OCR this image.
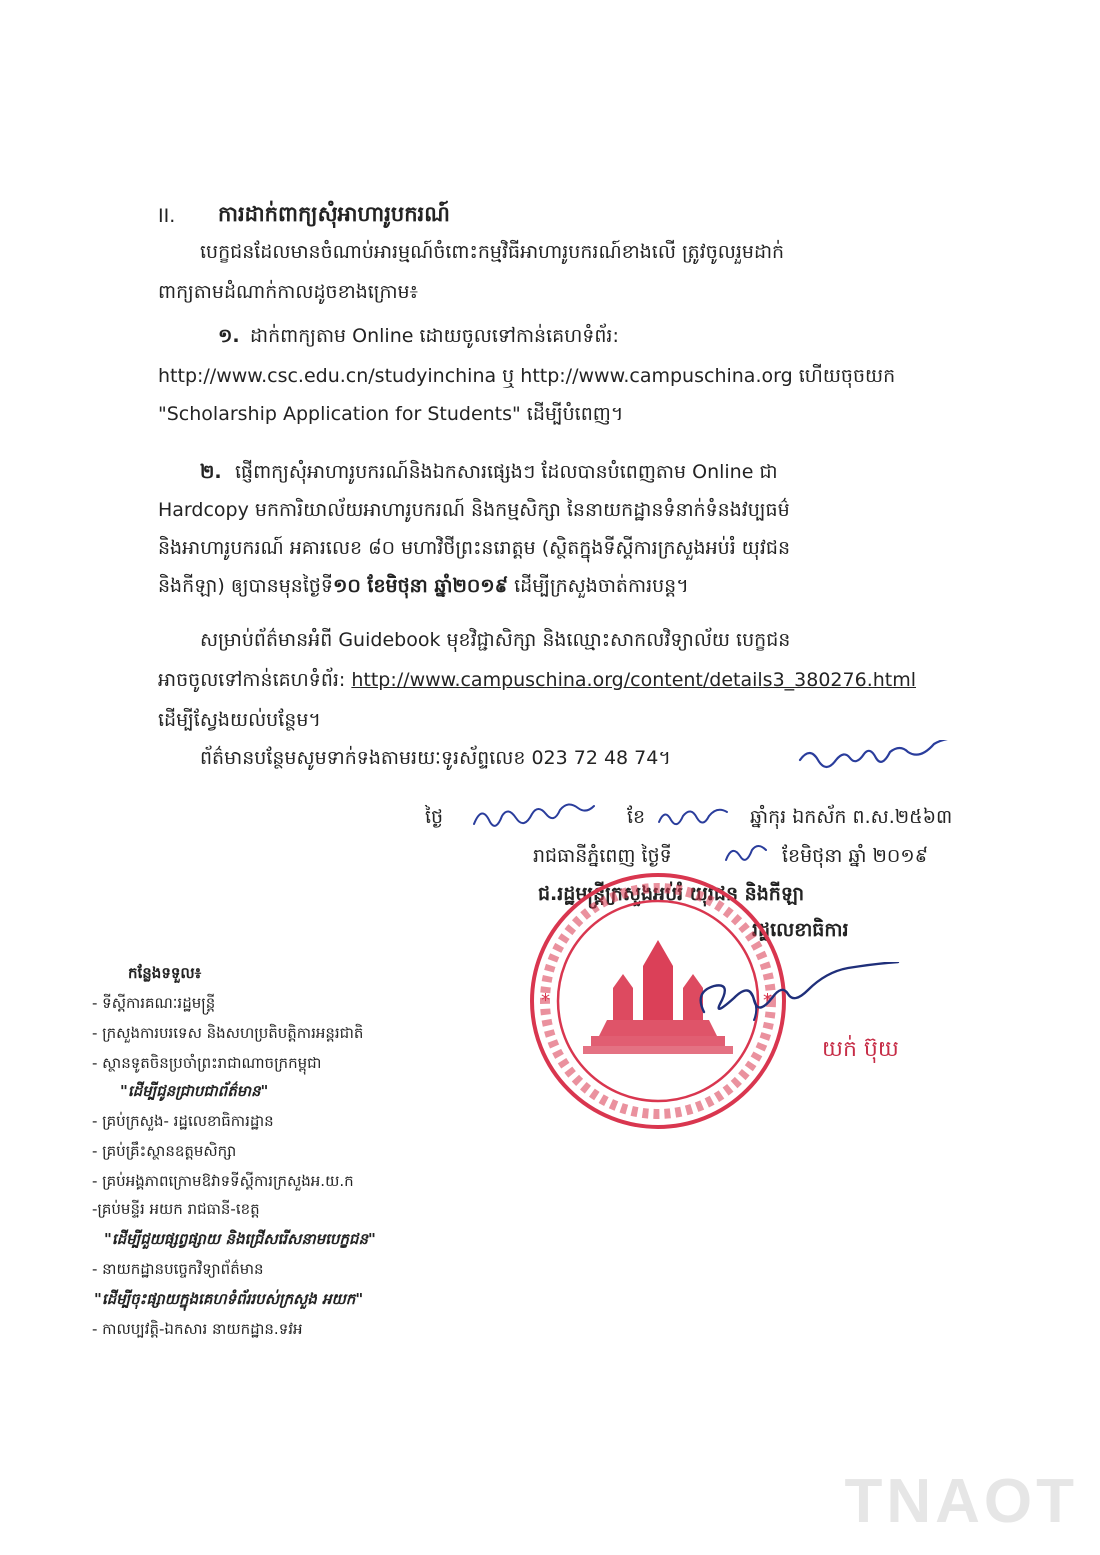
II. ការដាក់ពាក្យសុំអាហារូបករណ៍
បេក្ខជនដែលមានចំណាប់អារម្មណ៍ចំពោះកម្មវិធីអាហារូបករណ៍ខាងលើ ត្រូវចូលរួមដាក់
ពាក្យតាមដំណាក់កាលដូចខាងក្រោម៖
១. ដាក់ពាក្យតាម Online ដោយចូលទៅកាន់គេហទំព័រ:
http://www.csc.edu.cn/studyinchina ឬ http://www.campuschina.org ហើយចុចយក
"Scholarship Application for Students" ដើម្បីបំពេញ។
២. ផ្ញើពាក្យសុំអាហារូបករណ៍និងឯកសារផ្សេងៗ ដែលបានបំពេញតាម Online ជា
Hardcopy មកការិយាល័យអាហារូបករណ៍ និងកម្មសិក្សា នៃនាយកដ្ឋានទំនាក់ទំនងវប្បធម៌
និងអាហារូបករណ៍ អគារលេខ ៨០ មហាវិថីព្រះនរោត្តម (ស្ថិតក្នុងទីស្តីការក្រសួងអប់រំ យុវជន
និងកីឡា) ឲ្យបានមុនថ្ងៃទី១០ ខែមិថុនា ឆ្នាំ២០១៩ ដើម្បីក្រសួងចាត់ការបន្ត។
សម្រាប់ព័ត៌មានអំពី Guidebook មុខវិជ្ជាសិក្សា និងឈ្មោះសាកលវិទ្យាល័យ បេក្ខជន
អាចចូលទៅកាន់គេហទំព័រ: http://www.campuschina.org/content/details3_380276.html
ដើម្បីស្វែងយល់បន្ថែម។
ព័ត៌មានបន្ថែមសូមទាក់ទងតាមរយៈទូរស័ព្ទលេខ 023 72 48 74។
ថ្ងៃ	ខែ	ឆ្នាំកុរ ឯកស័ក ព.ស.២៥៦៣
រាជធានីភ្នំពេញ ថ្ងៃទី	ខែមិថុនា ឆ្នាំ ២០១៩
ជ.រដ្ឋមន្ត្រីក្រសួងអប់រំ យុវជន និងកីឡា
រដ្ឋលេខាធិការ
*	*
យក់ ប៊ុយ
កន្លែងទទួល៖
- ទីស្តីការគណៈរដ្ឋមន្ត្រី
- ក្រសួងការបរទេស និងសហប្រតិបត្តិការអន្តរជាតិ
- ស្ថានទូតចិនប្រចាំព្រះរាជាណាចក្រកម្ពុជា
"ដើម្បីជូនជ្រាបជាព័ត៌មាន"
- គ្រប់ក្រសួង- រដ្ឋលេខាធិការដ្ឋាន
- គ្រប់គ្រឹះស្ថានឧត្តមសិក្សា
- គ្រប់អង្គភាពក្រោមឱវាទទីស្តីការក្រសួងអ.យ.ក
-គ្រប់មន្ទីរ អយក រាជធានី-ខេត្ត
"ដើម្បីជួយផ្សព្វផ្សាយ និងជ្រើសរើសនាមបេក្ខជន"
- នាយកដ្ឋានបច្ចេកវិទ្យាព័ត៌មាន
"ដើម្បីចុះផ្សាយក្នុងគេហទំព័ររបស់ក្រសួង អយក"
- កាលប្បវត្តិ-ឯកសារ នាយកដ្ឋាន.ទវអ
TNAOT
